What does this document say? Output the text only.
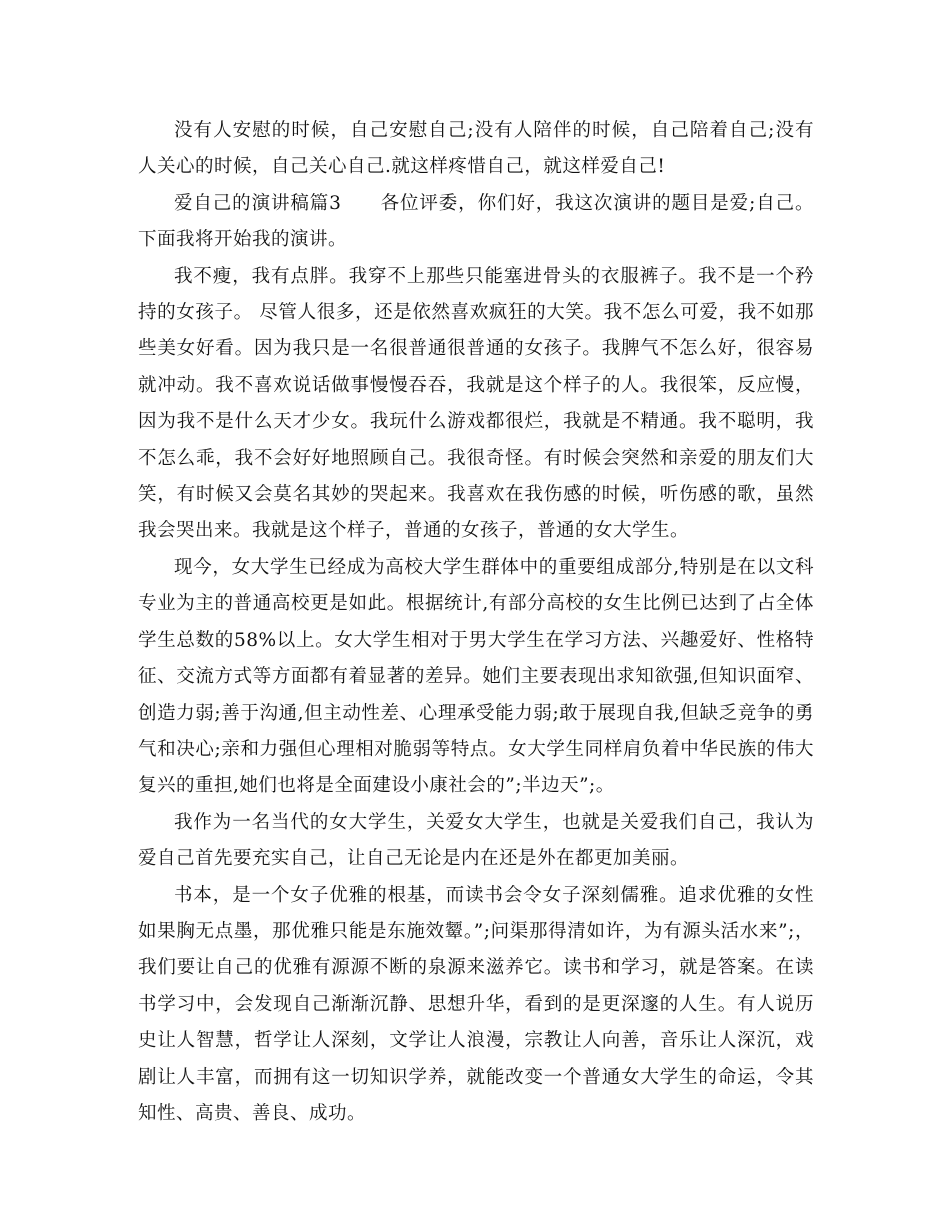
没有人安慰的时候，自己安慰自己;没有人陪伴的时候，自己陪着自己;没有人关心的时候，自己关心自己.就这样疼惜自己，就这样爱自己!

爱自己的演讲稿篇3　　各位评委，你们好，我这次演讲的题目是爱;自己。下面我将开始我的演讲。

我不瘦，我有点胖。我穿不上那些只能塞进骨头的衣服裤子。我不是一个矜持的女孩子。 尽管人很多，还是依然喜欢疯狂的大笑。我不怎么可爱，我不如那些美女好看。因为我只是一名很普通很普通的女孩子。我脾气不怎么好，很容易就冲动。我不喜欢说话做事慢慢吞吞，我就是这个样子的人。我很笨，反应慢，因为我不是什么天才少女。我玩什么游戏都很烂，我就是不精通。我不聪明，我不怎么乖，我不会好好地照顾自己。我很奇怪。有时候会突然和亲爱的朋友们大笑，有时候又会莫名其妙的哭起来。我喜欢在我伤感的时候，听伤感的歌，虽然我会哭出来。我就是这个样子，普通的女孩子，普通的女大学生。

现今，女大学生已经成为高校大学生群体中的重要组成部分,特别是在以文科专业为主的普通高校更是如此。根据统计,有部分高校的女生比例已达到了占全体学生总数的58%以上。女大学生相对于男大学生在学习方法、兴趣爱好、性格特征、交流方式等方面都有着显著的差异。她们主要表现出求知欲强,但知识面窄、创造力弱;善于沟通,但主动性差、心理承受能力弱;敢于展现自我,但缺乏竞争的勇气和决心;亲和力强但心理相对脆弱等特点。女大学生同样肩负着中华民族的伟大复兴的重担,她们也将是全面建设小康社会的”;半边天”;。

我作为一名当代的女大学生，关爱女大学生，也就是关爱我们自己，我认为爱自己首先要充实自己，让自己无论是内在还是外在都更加美丽。

书本，是一个女子优雅的根基，而读书会令女子深刻儒雅。追求优雅的女性如果胸无点墨，那优雅只能是东施效颦。”;问渠那得清如许，为有源头活水来”;，我们要让自己的优雅有源源不断的泉源来滋养它。读书和学习，就是答案。在读书学习中，会发现自己渐渐沉静、思想升华，看到的是更深邃的人生。有人说历史让人智慧，哲学让人深刻，文学让人浪漫，宗教让人向善，音乐让人深沉，戏剧让人丰富，而拥有这一切知识学养，就能改变一个普通女大学生的命运，令其知性、高贵、善良、成功。
